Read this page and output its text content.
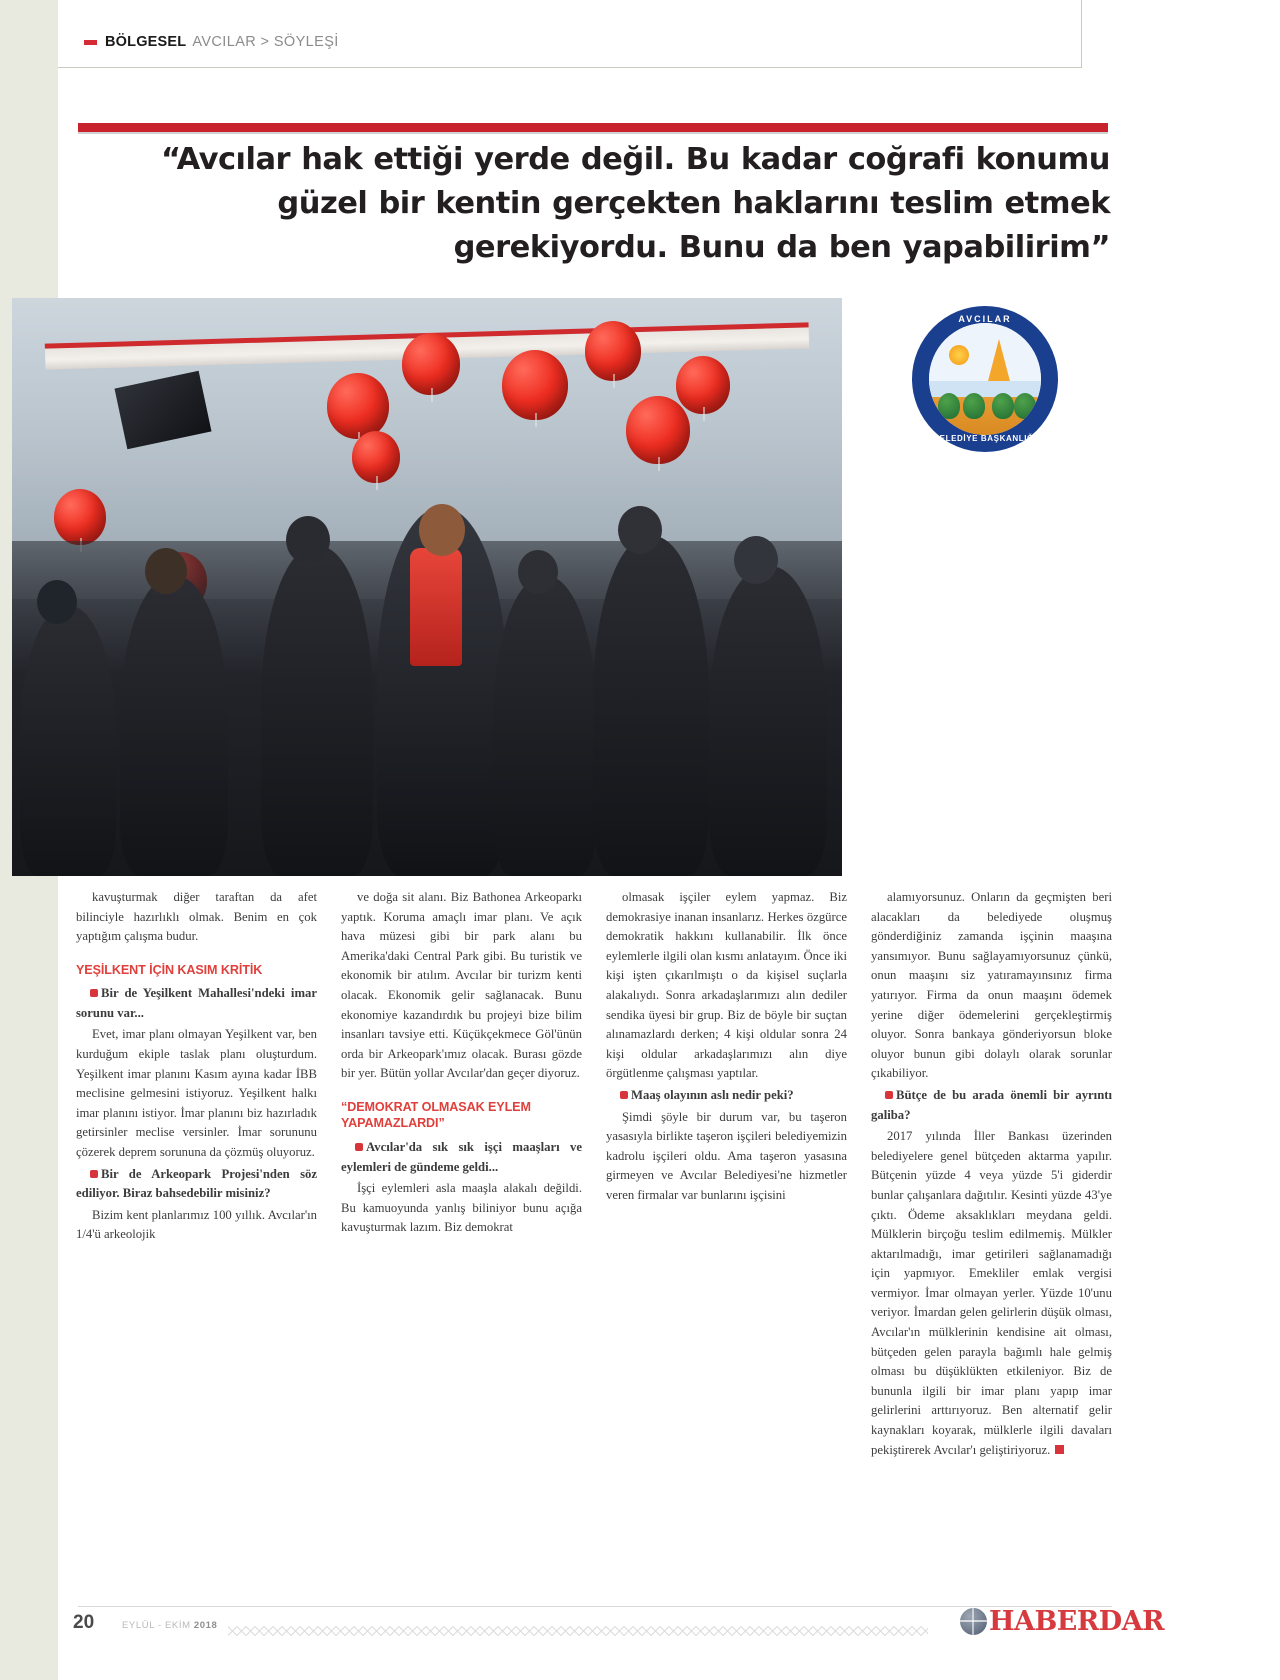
BÖLGESEL AVCILAR > SÖYLEŞİ
“Avcılar hak ettiği yerde değil. Bu kadar coğrafi konumu güzel bir kentin gerçekten haklarını teslim etmek gerekiyordu. Bunu da ben yapabilirim”
AVCILAR
BELEDİYE BAŞKANLIĞI

kavuşturmak diğer taraftan da afet bilinciyle hazırlıklı olmak. Benim en çok yaptığım çalışma budur.

YEŞİLKENT İÇİN KASIM KRİTİK

Bir de Yeşilkent Mahallesi'ndeki imar sorunu var...

Evet, imar planı olmayan Yeşilkent var, ben kurduğum ekiple taslak planı oluşturdum. Yeşilkent imar planını Kasım ayına kadar İBB meclisine gelmesini istiyoruz. Yeşilkent halkı imar planını istiyor. İmar planını biz hazırladık getirsinler meclise versinler. İmar sorununu çözerek deprem sorununa da çözmüş oluyoruz.

Bir de Arkeopark Projesi'nden söz ediliyor. Biraz bahsedebilir misiniz?

Bizim kent planlarımız 100 yıllık. Avcılar'ın 1/4'ü arkeolojik

ve doğa sit alanı. Biz Bathonea Arkeoparkı yaptık. Koruma amaçlı imar planı. Ve açık hava müzesi gibi bir park alanı bu Amerika'daki Central Park gibi. Bu turistik ve ekonomik bir atılım. Avcılar bir turizm kenti olacak. Ekonomik gelir sağlanacak. Bunu ekonomiye kazandırdık bu projeyi bize bilim insanları tavsiye etti. Küçükçekmece Göl'ünün orda bir Arkeopark'ımız olacak. Burası gözde bir yer. Bütün yollar Avcılar'dan geçer diyoruz.

“DEMOKRAT OLMASAK EYLEM YAPAMAZLARDI”

Avcılar'da sık sık işçi maaşları ve eylemleri de gündeme geldi...

İşçi eylemleri asla maaşla alakalı değildi. Bu kamuoyunda yanlış biliniyor bunu açığa kavuşturmak lazım. Biz demokrat

olmasak işçiler eylem yapmaz. Biz demokrasiye inanan insanlarız. Herkes özgürce demokratik hakkını kullanabilir. İlk önce eylemlerle ilgili olan kısmı anlatayım. Önce iki kişi işten çıkarılmıştı o da kişisel suçlarla alakalıydı. Sonra arkadaşlarımızı alın dediler sendika üyesi bir grup. Biz de böyle bir suçtan alınamazlardı derken; 4 kişi oldular sonra 24 kişi oldular arkadaşlarımızı alın diye örgütlenme çalışması yaptılar.

Maaş olayının aslı nedir peki?

Şimdi şöyle bir durum var, bu taşeron yasasıyla birlikte taşeron işçileri belediyemizin kadrolu işçileri oldu. Ama taşeron yasasına girmeyen ve Avcılar Belediyesi'ne hizmetler veren firmalar var bunlarını işçisini

alamıyorsunuz. Onların da geçmişten beri alacakları da belediyede oluşmuş gönderdiğiniz zamanda işçinin maaşına yansımıyor. Bunu sağlayamıyorsunuz çünkü, onun maaşını siz yatıramayınsınız firma yatırıyor. Firma da onun maaşını ödemek yerine diğer ödemelerini gerçekleştirmiş oluyor. Sonra bankaya gönderiyorsun bloke oluyor bunun gibi dolaylı olarak sorunlar çıkabiliyor.

Bütçe de bu arada önemli bir ayrıntı galiba?

2017 yılında İller Bankası üzerinden belediyelere genel bütçeden aktarma yapılır. Bütçenin yüzde 4 veya yüzde 5'i giderdir bunlar çalışanlara dağıtılır. Kesinti yüzde 43'ye çıktı. Ödeme aksaklıkları meydana geldi. Mülklerin birçoğu teslim edilmemiş. Mülkler aktarılmadığı, imar getirileri sağlanamadığı için yapmıyor. Emekliler emlak vergisi vermiyor. İmar olmayan yerler. Yüzde 10'unu veriyor. İmardan gelen gelirlerin düşük olması, Avcılar'ın mülklerinin kendisine ait olması, bütçeden gelen parayla bağımlı hale gelmiş olması bu düşüklükten etkileniyor. Biz de bununla ilgili bir imar planı yapıp imar gelirlerini arttırıyoruz. Ben alternatif gelir kaynakları koyarak, mülklerle ilgili davaları pekiştirerek Avcılar'ı geliştiriyoruz.

20	EYLÜL - EKİM 2018	HABERDAR
